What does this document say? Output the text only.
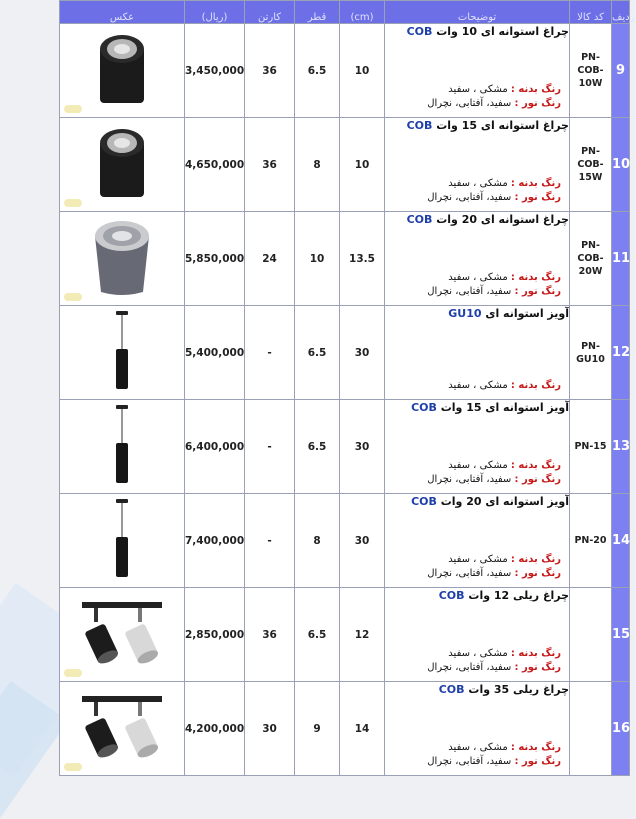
عکس	(ریال)	کارتن	قطر	(cm)	توضیحات	کد کالا	ردیف

	3,450,000	36	6.5	10	چراغ استوانه ای 10 وات COB
رنگ بدنه : مشکی ، سفید
رنگ نور : سفید، آفتابی، نچرال	PN-
COB-
10W	9

	4,650,000	36	8	10	چراغ استوانه ای 15 وات COB
رنگ بدنه : مشکی ، سفید
رنگ نور : سفید، آفتابی، نچرال	PN-
COB-
15W	10

	5,850,000	24	10	13.5	چراغ استوانه ای 20 وات COB
رنگ بدنه : مشکی ، سفید
رنگ نور : سفید، آفتابی، نچرال	PN-
COB-
20W	11

	5,400,000	-	6.5	30	آویز استوانه ای GU10
رنگ بدنه : مشکی ، سفید	PN-
GU10	12

	6,400,000	-	6.5	30	آویز استوانه ای 15 وات COB
رنگ بدنه : مشکی ، سفید
رنگ نور : سفید، آفتابی، نچرال	PN-15	13

	7,400,000	-	8	30	آویز استوانه ای 20 وات COB
رنگ بدنه : مشکی ، سفید
رنگ نور : سفید، آفتابی، نچرال	PN-20	14

	2,850,000	36	6.5	12	چراغ ریلی 12 وات COB
رنگ بدنه : مشکی ، سفید
رنگ نور : سفید، آفتابی، نچرال		15

	4,200,000	30	9	14	چراغ ریلی 35 وات COB
رنگ بدنه : مشکی ، سفید
رنگ نور : سفید، آفتابی، نچرال		16
